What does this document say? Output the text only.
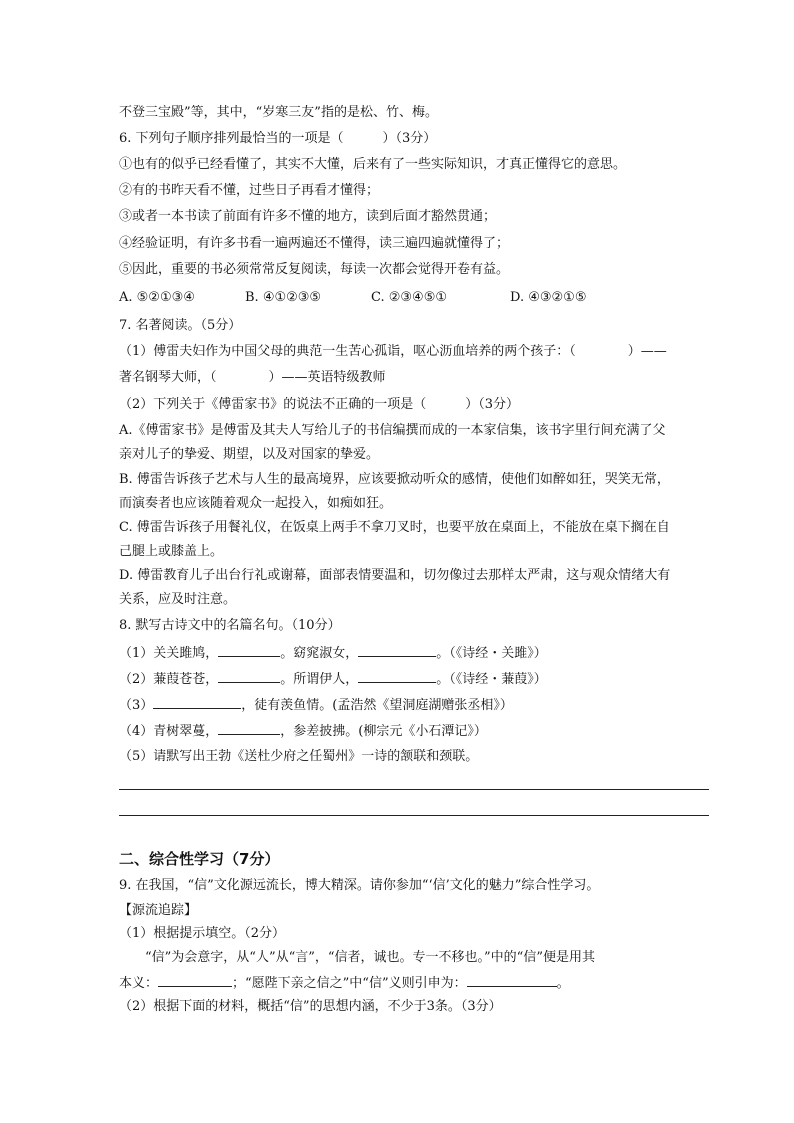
不登三宝殿”等，其中，“岁寒三友”指的是松、竹、梅。
6. 下列句子顺序排列最恰当的一项是（　　　）（3分）
①也有的似乎已经看懂了，其实不大懂，后来有了一些实际知识，才真正懂得它的意思。
②有的书昨天看不懂，过些日子再看才懂得；
③或者一本书读了前面有许多不懂的地方，读到后面才豁然贯通；
④经验证明，有许多书看一遍两遍还不懂得，读三遍四遍就懂得了；
⑤因此，重要的书必须常常反复阅读，每读一次都会觉得开卷有益。
A. ⑤②①③④	B. ④①②③⑤	C. ②③④⑤①	D. ④③②①⑤
7. 名著阅读。（5分）
（1）傅雷夫妇作为中国父母的典范一生苦心孤诣，呕心沥血培养的两个孩子：（　　　　）——
著名钢琴大师，（　　　　）——英语特级教师
（2）下列关于《傅雷家书》的说法不正确的一项是（　　　）（3分）
A.《傅雷家书》是傅雷及其夫人写给儿子的书信编撰而成的一本家信集，该书字里行间充满了父
亲对儿子的挚爱、期望，以及对国家的挚爱。
B. 傅雷告诉孩子艺术与人生的最高境界，应该要掀动听众的感情，使他们如醉如狂，哭笑无常，
而演奏者也应该随着观众一起投入，如痴如狂。
C. 傅雷告诉孩子用餐礼仪，在饭桌上两手不拿刀叉时，也要平放在桌面上，不能放在桌下搁在自
己腿上或膝盖上。
D. 傅雷教育儿子出台行礼或谢幕，面部表情要温和，切勿像过去那样太严肃，这与观众情绪大有
关系，应及时注意。
8. 默写古诗文中的名篇名句。（10分）
（1）关关雎鸠，	。窈窕淑女，	。（《诗经・关雎》）
（2）蒹葭苍苍，	。所谓伊人，	。（《诗经・蒹葭》）
（3）	，徒有羡鱼情。(孟浩然《望洞庭湖赠张丞相》）
（4）青树翠蔓，	，参差披拂。(柳宗元《小石潭记》）
（5）请默写出王勃《送杜少府之任蜀州》一诗的颔联和颈联。
二、综合性学习（7分）
9. 在我国，“信”文化源远流长，博大精深。请你参加“‘信’文化的魅力”综合性学习。
【源流追踪】
（1）根据提示填空。（2分）
“信”为会意字，从“人”从“言”，“信者，诚也。专一不移也。”中的“信”便是用其
本义：	；“愿陛下亲之信之”中“信”义则引申为：	。
（2）根据下面的材料，概括“信”的思想内涵，不少于3条。（3分）
